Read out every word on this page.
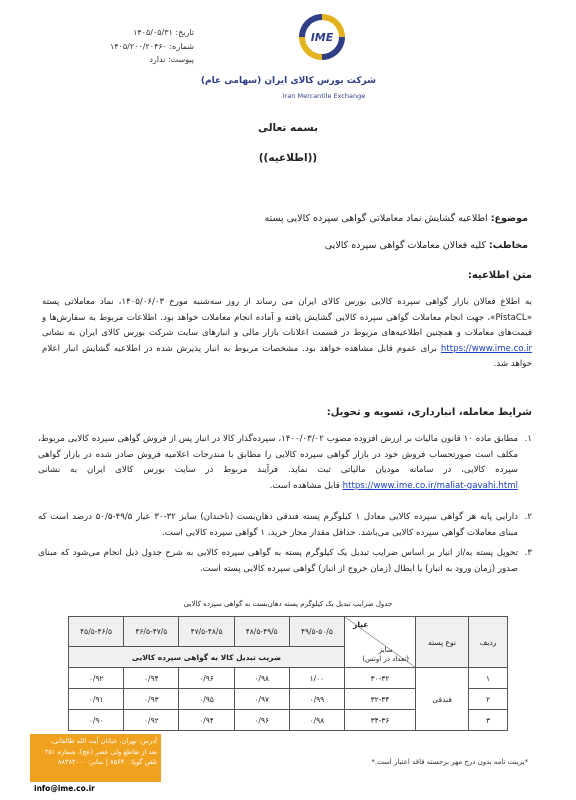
تاریخ: ۱۴۰۵/۰۵/۳۱
شماره: ۱۴۰۵/۲۰۰/۲۰۴۶۰
پیوست: ندارد
IME
شرکت بورس کالای ایران (سهامی عام)
Iran Mercantile Exchange
بسمه تعالی
((اطلاعیه))
موضوع: اطلاعیه گشایش نماد معاملاتی گواهی سپرده کالایی پسته
مخاطب: کلیه فعالان معاملات گواهی سپرده کالایی
متن اطلاعیه:
به اطلاع فعالان بازار گواهی سپرده کالایی بورس کالای ایران می رساند از روز سه‌شنبه مورخ ۱۴۰۵/۰۶/۰۳، نماد معاملاتی پسته «PistaCL»، جهت انجام معاملات گواهی سپرده کالایی گشایش یافته و آماده انجام معاملات خواهد بود. اطلاعات مربوط به سفارش‌ها و قیمت‌های معاملات و همچنین اطلاعیه‌های مربوط در قسمت اعلانات بازار مالی و انبارهای سایت شرکت بورس کالای ایران به نشانی https://www.ime.co.ir برای عموم قابل مشاهده خواهد بود. مشخصات مربوط به انبار پذیرش شده در اطلاعیه گشایش انبار اعلام خواهد شد.
شرایط معامله، انبارداری، تسویه و تحویل:
۱.
مطابق ماده ۱۰ قانون مالیات بر ارزش افزوده مصوب ۱۴۰۰/۰۳/۰۲، سپرده‌گذار کالا در انبار پس از فروش گواهی سپرده کالایی مربوط، مکلف است صورتحساب فروش خود در بازار گواهی سپرده کالایی را مطابق با مندرجات اعلامیه فروش صادر شده در بازار گواهی سپرده کالایی، در سامانه مودیان مالیاتی ثبت نماید. فرآیند مربوط در سایت بورس کالای ایران به نشانی https://www.ime.co.ir/maliat-gavahi.html قابل مشاهده است.
۲.
دارایی پایه هر گواهی سپرده کالایی معادل ۱ کیلوگرم پسته فندقی دهان‌بست (ناخندان) سایز ۳۲-۳۰ عیار ۴۹/۵-۵۰/۵ درصد است که مبنای معاملات گواهی سپرده کالایی می‌باشد. حداقل مقدار مجاز خرید، ۱ گواهی سپرده کالایی است.
۳.
تحویل پسته به/از انبار بر اساس ضرایب تبدیل یک کیلوگرم پسته به گواهی سپرده کالایی به شرح جدول ذیل انجام می‌شود که مبنای صدور (زمان ورود به انبار) یا ابطال (زمان خروج از انبار) گواهی سپرده کالایی پسته است.
جدول ضرایب تبدیل یک کیلوگرم پسته دهان‌بست به گواهی سپرده کالایی
ردیف	نوع پسته	عیار
سایز
(تعداد در اونس)	۴۹/۵-۵۰/۵	۴۸/۵-۴۹/۵	۴۷/۵-۴۸/۵	۴۶/۵-۴۷/۵	۴۵/۵-۴۶/۵
			ضریب تبدیل کالا به گواهی سپرده کالایی				
۱	فندقی	۳۰-۳۲	۱/۰۰	۰/۹۸	۰/۹۶	۰/۹۴	۰/۹۲
۲		۳۲-۳۴	۰/۹۹	۰/۹۷	۰/۹۵	۰/۹۳	۰/۹۱
۳		۳۴-۳۶	۰/۹۸	۰/۹۶	۰/۹۴	۰/۹۲	۰/۹۰
*پرینت نامه بدون درج مهر برجسته فاقد اعتبار است.*
آدرس: تهران، خیابان آیت الله طالقانی،
بعد از تقاطع ولی عصر (عج)، شماره ۳۵۱
تلفن گویا: ۸۵۶۴۰ | نمابر: ۸۸۳۸۳۰۰۰
info@ime.co.ir
